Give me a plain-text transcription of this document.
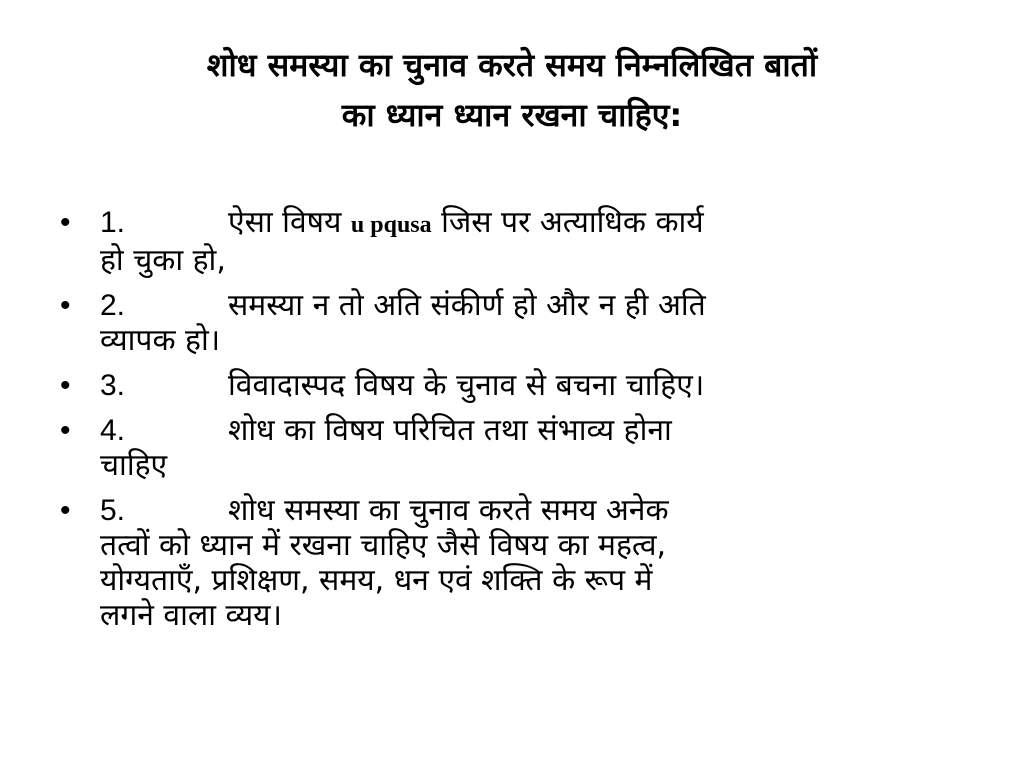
शोध समस्या का चुनाव करते समय निम्नलिखित बातों
का ध्यान ध्यान रखना चाहिए:
• 1.	ऐसा विषय u pqusa जिस पर अत्याधिक कार्य
हो चुका हो,
• 2.	समस्या न तो अति संकीर्ण हो और न ही अति
व्यापक हो।
• 3.	विवादास्पद विषय के चुनाव से बचना चाहिए।
• 4.	शोध का विषय परिचित तथा संभाव्य होना
चाहिए
• 5.	शोध समस्या का चुनाव करते समय अनेक
तत्वों को ध्यान में रखना चाहिए जैसे विषय का महत्व,
योग्यताएँ, प्रशिक्षण, समय, धन एवं शक्ति के रूप में
लगने वाला व्यय।
